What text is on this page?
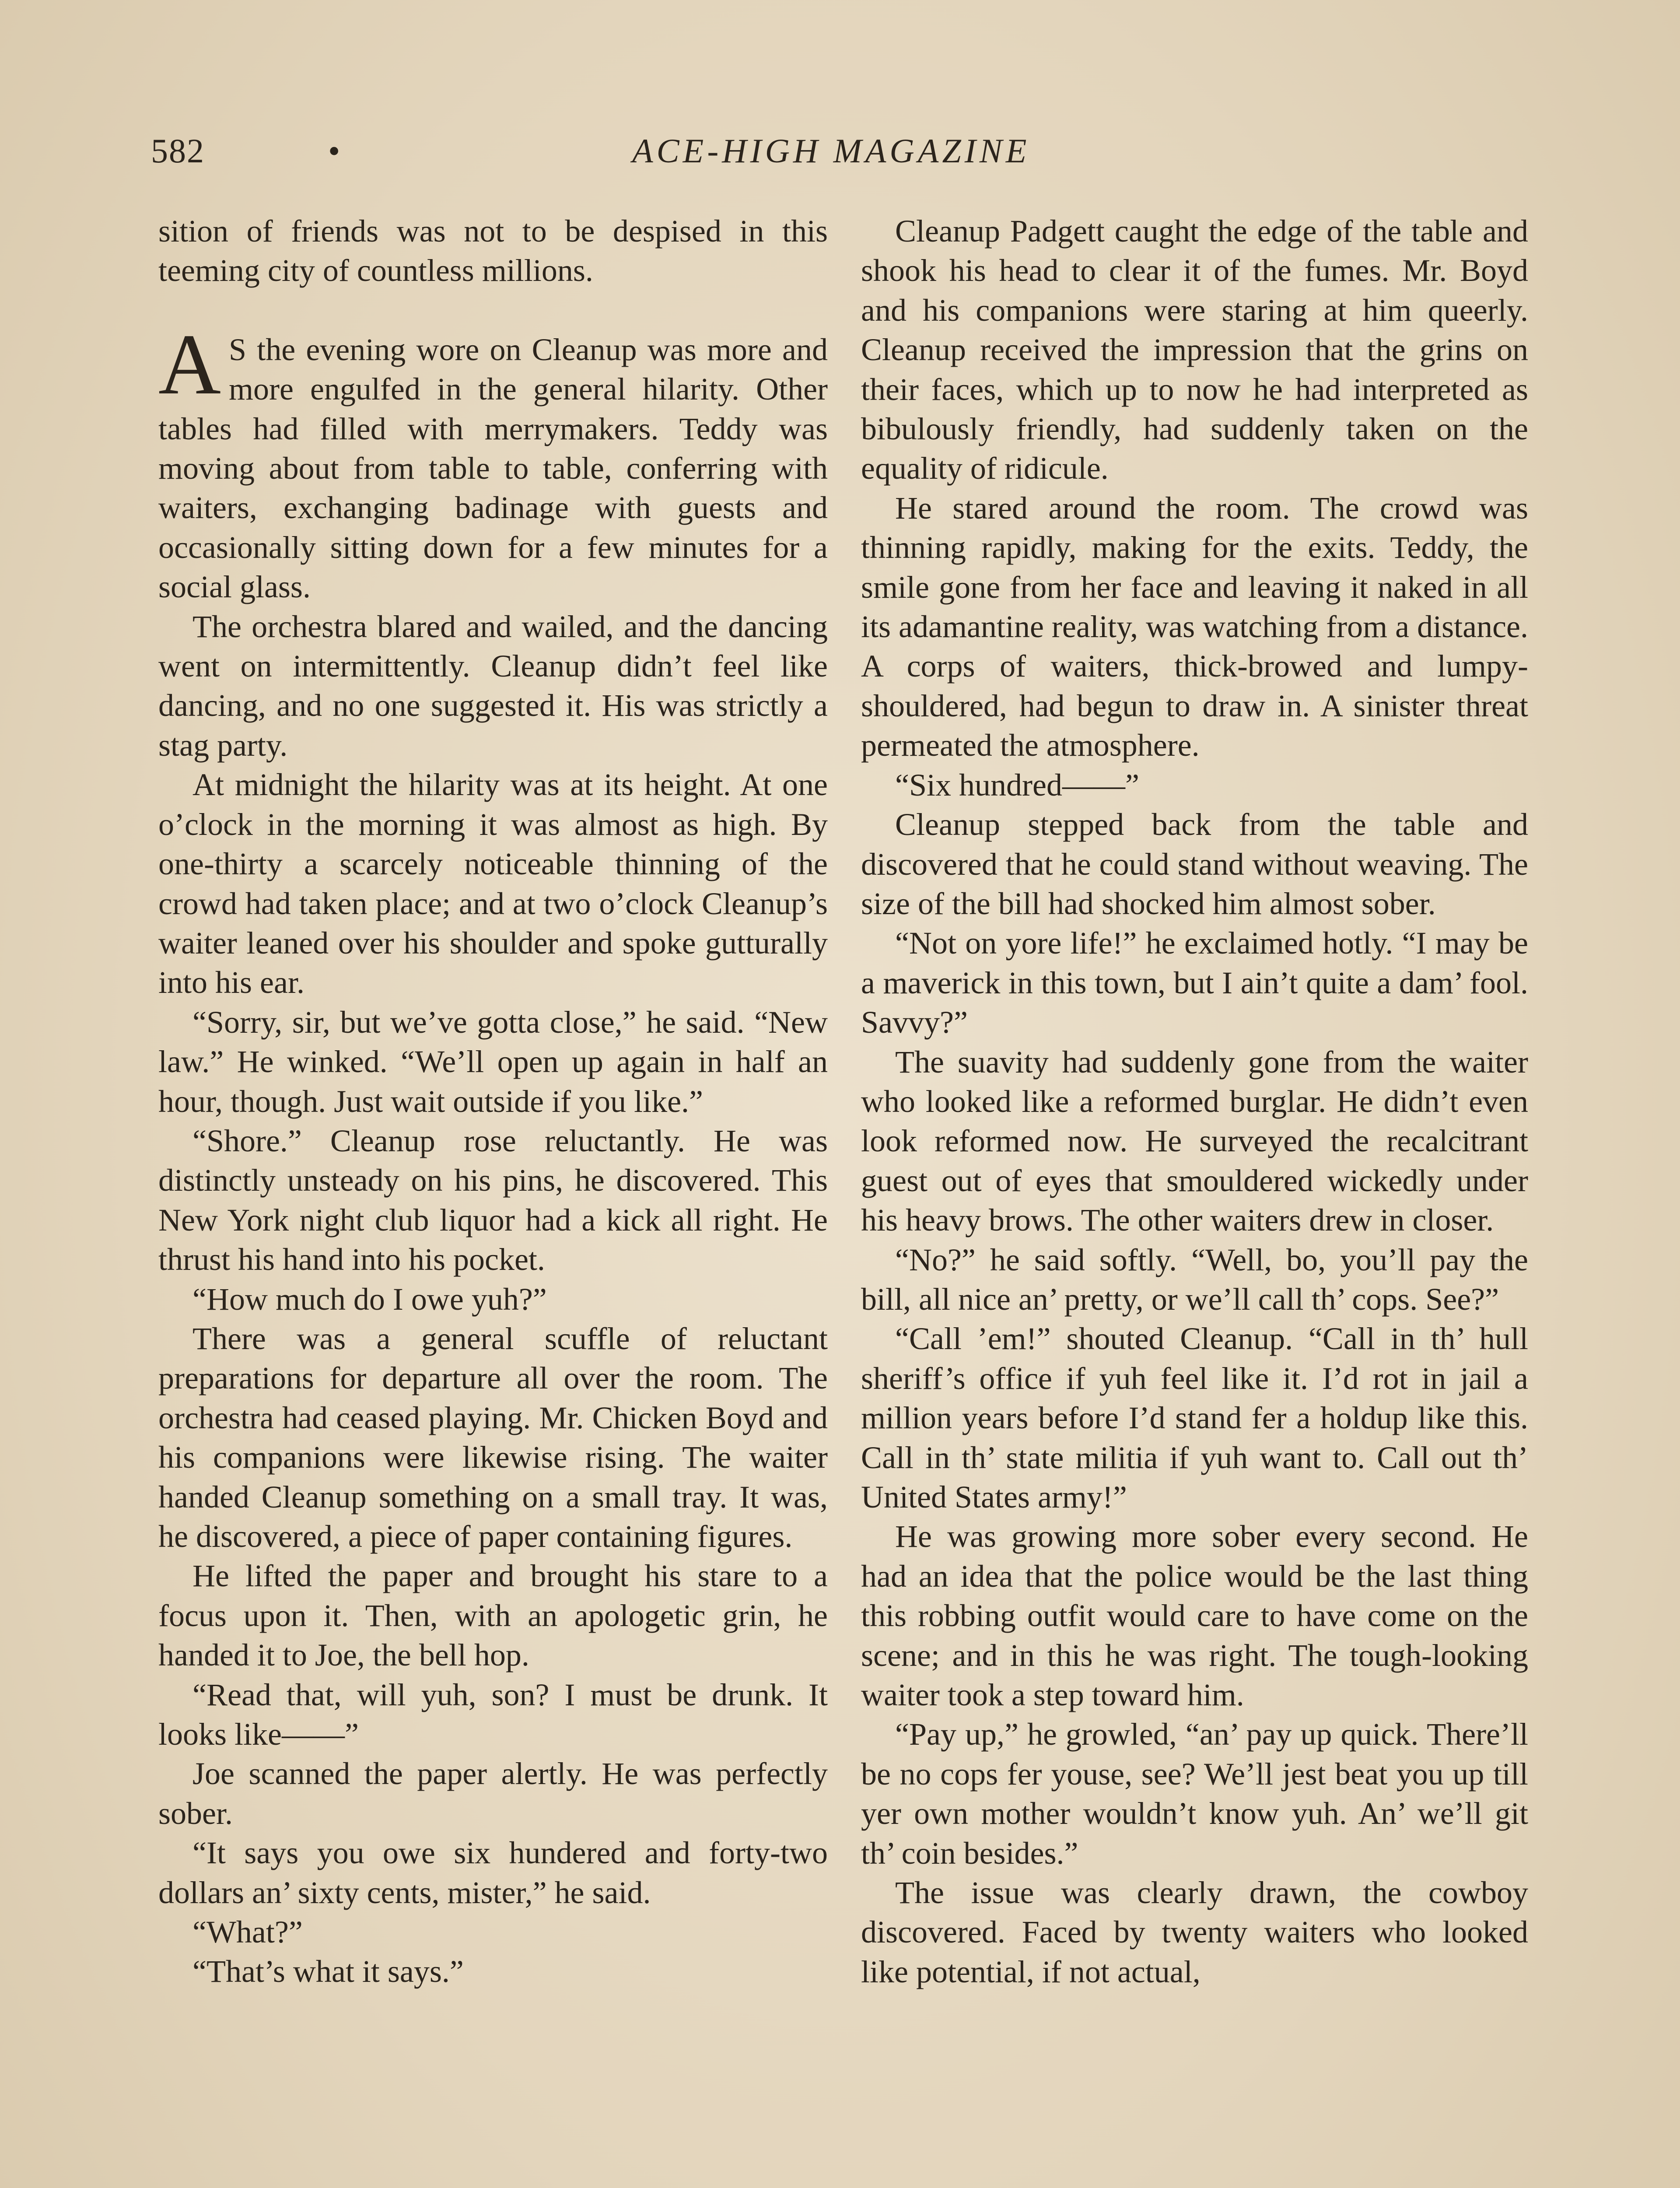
582	•	ACE-HIGH MAGAZINE

sition of friends was not to be despised in this teeming city of countless millions.

A S the evening wore on Cleanup was more and more engulfed in the general hilarity. Other tables had filled with merrymakers. Teddy was moving about from table to table, conferring with waiters, exchanging badinage with guests and occasionally sitting down for a few minutes for a social glass.

The orchestra blared and wailed, and the dancing went on intermittently. Cleanup didn’t feel like dancing, and no one suggested it. His was strictly a stag party.

At midnight the hilarity was at its height. At one o’clock in the morning it was almost as high. By one-thirty a scarcely noticeable thinning of the crowd had taken place; and at two o’clock Cleanup’s waiter leaned over his shoulder and spoke gutturally into his ear.

“Sorry, sir, but we’ve gotta close,” he said. “New law.” He winked. “We’ll open up again in half an hour, though. Just wait outside if you like.”

“Shore.” Cleanup rose reluctantly. He was distinctly unsteady on his pins, he discovered. This New York night club liquor had a kick all right. He thrust his hand into his pocket.

“How much do I owe yuh?”

There was a general scuffle of reluctant preparations for departure all over the room. The orchestra had ceased playing. Mr. Chicken Boyd and his companions were likewise rising. The waiter handed Cleanup something on a small tray. It was, he discovered, a piece of paper containing figures.

He lifted the paper and brought his stare to a focus upon it. Then, with an apologetic grin, he handed it to Joe, the bell hop.

“Read that, will yuh, son? I must be drunk. It looks like——”

Joe scanned the paper alertly. He was perfectly sober.

“It says you owe six hundered and forty-two dollars an’ sixty cents, mister,” he said.

“What?”

“That’s what it says.”

Cleanup Padgett caught the edge of the table and shook his head to clear it of the fumes. Mr. Boyd and his companions were staring at him queerly. Cleanup received the impression that the grins on their faces, which up to now he had interpreted as bibulously friendly, had suddenly taken on the equality of ridicule.

He stared around the room. The crowd was thinning rapidly, making for the exits. Teddy, the smile gone from her face and leaving it naked in all its adamantine reality, was watching from a distance. A corps of waiters, thick-browed and lumpy-shouldered, had begun to draw in. A sinister threat permeated the atmosphere.

“Six hundred——”

Cleanup stepped back from the table and discovered that he could stand without weaving. The size of the bill had shocked him almost sober.

“Not on yore life!” he exclaimed hotly. “I may be a maverick in this town, but I ain’t quite a dam’ fool. Savvy?”

The suavity had suddenly gone from the waiter who looked like a reformed burglar. He didn’t even look reformed now. He surveyed the recalcitrant guest out of eyes that smouldered wickedly under his heavy brows. The other waiters drew in closer.

“No?” he said softly. “Well, bo, you’ll pay the bill, all nice an’ pretty, or we’ll call th’ cops. See?”

“Call ’em!” shouted Cleanup. “Call in th’ hull sheriff’s office if yuh feel like it. I’d rot in jail a million years before I’d stand fer a holdup like this. Call in th’ state militia if yuh want to. Call out th’ United States army!”

He was growing more sober every second. He had an idea that the police would be the last thing this robbing outfit would care to have come on the scene; and in this he was right. The tough-looking waiter took a step toward him.

“Pay up,” he growled, “an’ pay up quick. There’ll be no cops fer youse, see? We’ll jest beat you up till yer own mother wouldn’t know yuh. An’ we’ll git th’ coin besides.”

The issue was clearly drawn, the cowboy discovered. Faced by twenty waiters who looked like potential, if not actual,
